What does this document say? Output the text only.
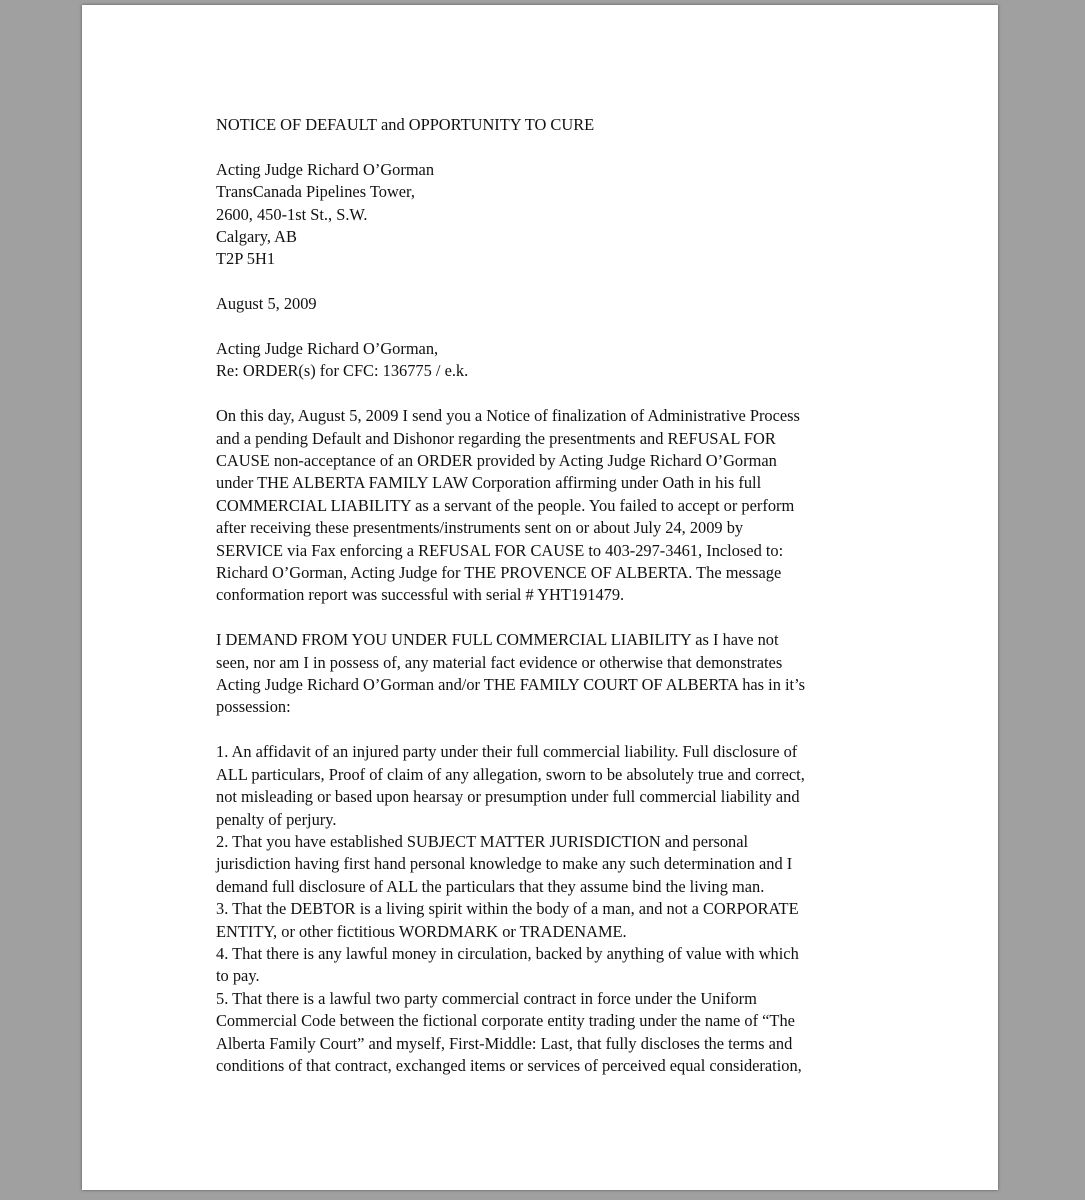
NOTICE OF DEFAULT and OPPORTUNITY TO CURE
Acting Judge Richard O’Gorman
TransCanada Pipelines Tower,
2600, 450-1st St., S.W.
Calgary, AB
T2P 5H1
August 5, 2009
Acting Judge Richard O’Gorman,
Re: ORDER(s) for CFC: 136775 / e.k.
On this day, August 5, 2009 I send you a Notice of finalization of Administrative Process
and a pending Default and Dishonor regarding the presentments and REFUSAL FOR
CAUSE non-acceptance of an ORDER provided by Acting Judge Richard O’Gorman
under THE ALBERTA FAMILY LAW Corporation affirming under Oath in his full
COMMERCIAL LIABILITY as a servant of the people. You failed to accept or perform
after receiving these presentments/instruments sent on or about July 24, 2009 by
SERVICE via Fax enforcing a REFUSAL FOR CAUSE to 403-297-3461, Inclosed to:
Richard O’Gorman, Acting Judge for THE PROVENCE OF ALBERTA. The message
conformation report was successful with serial # YHT191479.
I DEMAND FROM YOU UNDER FULL COMMERCIAL LIABILITY as I have not
seen, nor am I in possess of, any material fact evidence or otherwise that demonstrates
Acting Judge Richard O’Gorman and/or THE FAMILY COURT OF ALBERTA has in it’s
possession:
1. An affidavit of an injured party under their full commercial liability. Full disclosure of
ALL particulars, Proof of claim of any allegation, sworn to be absolutely true and correct,
not misleading or based upon hearsay or presumption under full commercial liability and
penalty of perjury.
2. That you have established SUBJECT MATTER JURISDICTION and personal
jurisdiction having first hand personal knowledge to make any such determination and I
demand full disclosure of ALL the particulars that they assume bind the living man.
3. That the DEBTOR is a living spirit within the body of a man, and not a CORPORATE
ENTITY, or other fictitious WORDMARK or TRADENAME.
4. That there is any lawful money in circulation, backed by anything of value with which
to pay.
5. That there is a lawful two party commercial contract in force under the Uniform
Commercial Code between the fictional corporate entity trading under the name of “The
Alberta Family Court” and myself, First-Middle: Last, that fully discloses the terms and
conditions of that contract, exchanged items or services of perceived equal consideration,
